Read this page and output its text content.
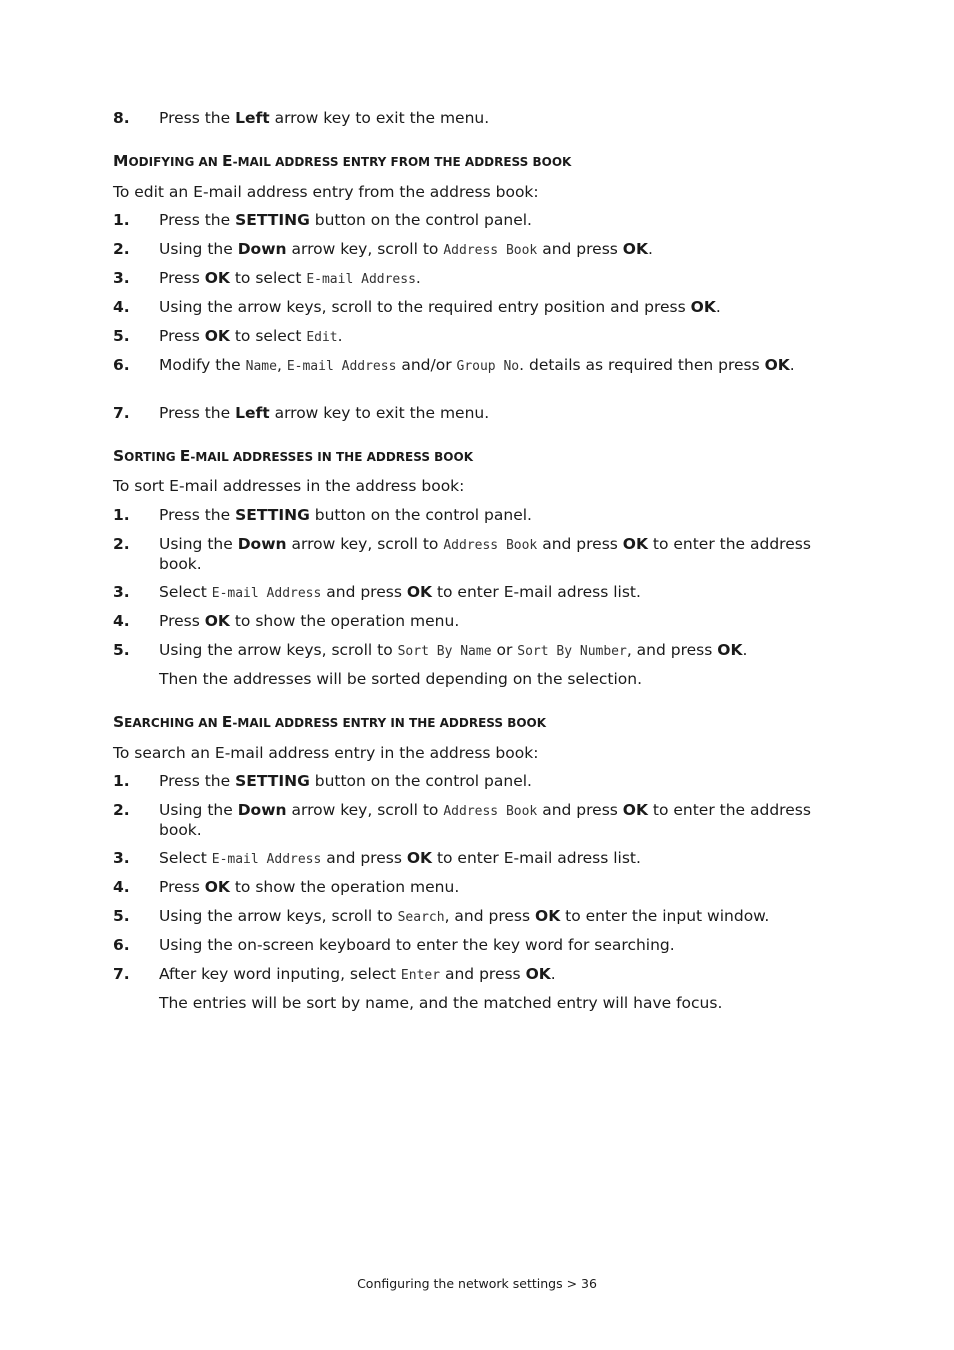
8. Press the Left arrow key to exit the menu.
MODIFYING AN E-MAIL ADDRESS ENTRY FROM THE ADDRESS BOOK
To edit an E-mail address entry from the address book:
1. Press the SETTING button on the control panel.
2. Using the Down arrow key, scroll to Address Book and press OK.
3. Press OK to select E-mail Address.
4. Using the arrow keys, scroll to the required entry position and press OK.
5. Press OK to select Edit.
6. Modify the Name, E-mail Address and/or Group No. details as required then press OK.
7. Press the Left arrow key to exit the menu.
SORTING E-MAIL ADDRESSES IN THE ADDRESS BOOK
To sort E-mail addresses in the address book:
1. Press the SETTING button on the control panel.
2. Using the Down arrow key, scroll to Address Book and press OK to enter the address book.
3. Select E-mail Address and press OK to enter E-mail adress list.
4. Press OK to show the operation menu.
5. Using the arrow keys, scroll to Sort By Name or Sort By Number, and press OK.
Then the addresses will be sorted depending on the selection.
SEARCHING AN E-MAIL ADDRESS ENTRY IN THE ADDRESS BOOK
To search an E-mail address entry in the address book:
1. Press the SETTING button on the control panel.
2. Using the Down arrow key, scroll to Address Book and press OK to enter the address book.
3. Select E-mail Address and press OK to enter E-mail adress list.
4. Press OK to show the operation menu.
5. Using the arrow keys, scroll to Search, and press OK to enter the input window.
6. Using the on-screen keyboard to enter the key word for searching.
7. After key word inputing, select Enter and press OK.
The entries will be sort by name, and the matched entry will have focus.
Configuring the network settings > 36
